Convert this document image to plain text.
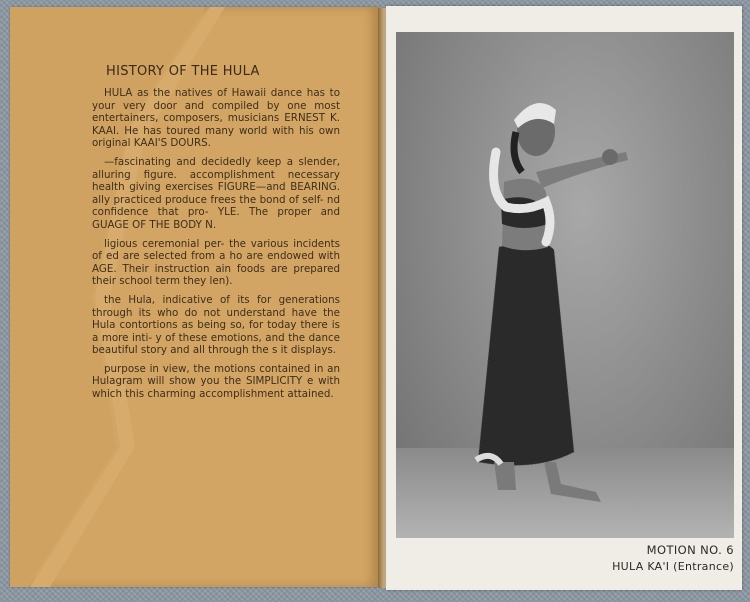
HISTORY OF THE HULA

HULA as the natives of Hawaii dance has to your very door and compiled by one most entertainers, composers, musicians ERNEST K. KAAI. He has toured many world with his own original KAAI'S DOURS.

—fascinating and decidedly keep a slender, alluring figure. accomplishment necessary health giving exercises FIGURE—and BEARING. ally practiced produce frees the bond of self- nd confidence that pro- YLE. The proper and GUAGE OF THE BODY N.

ligious ceremonial per- the various incidents of ed are selected from a ho are endowed with AGE. Their instruction ain foods are prepared their school term they len).

the Hula, indicative of its for generations through its who do not understand have the Hula contortions as being so, for today there is a more inti- y of these emotions, and the dance beautiful story and all through the s it displays.

purpose in view, the motions contained in an Hulagram will show you the SIMPLICITY e with which this charming accomplishment attained.

MOTION NO. 6
HULA KA'I (Entrance)
